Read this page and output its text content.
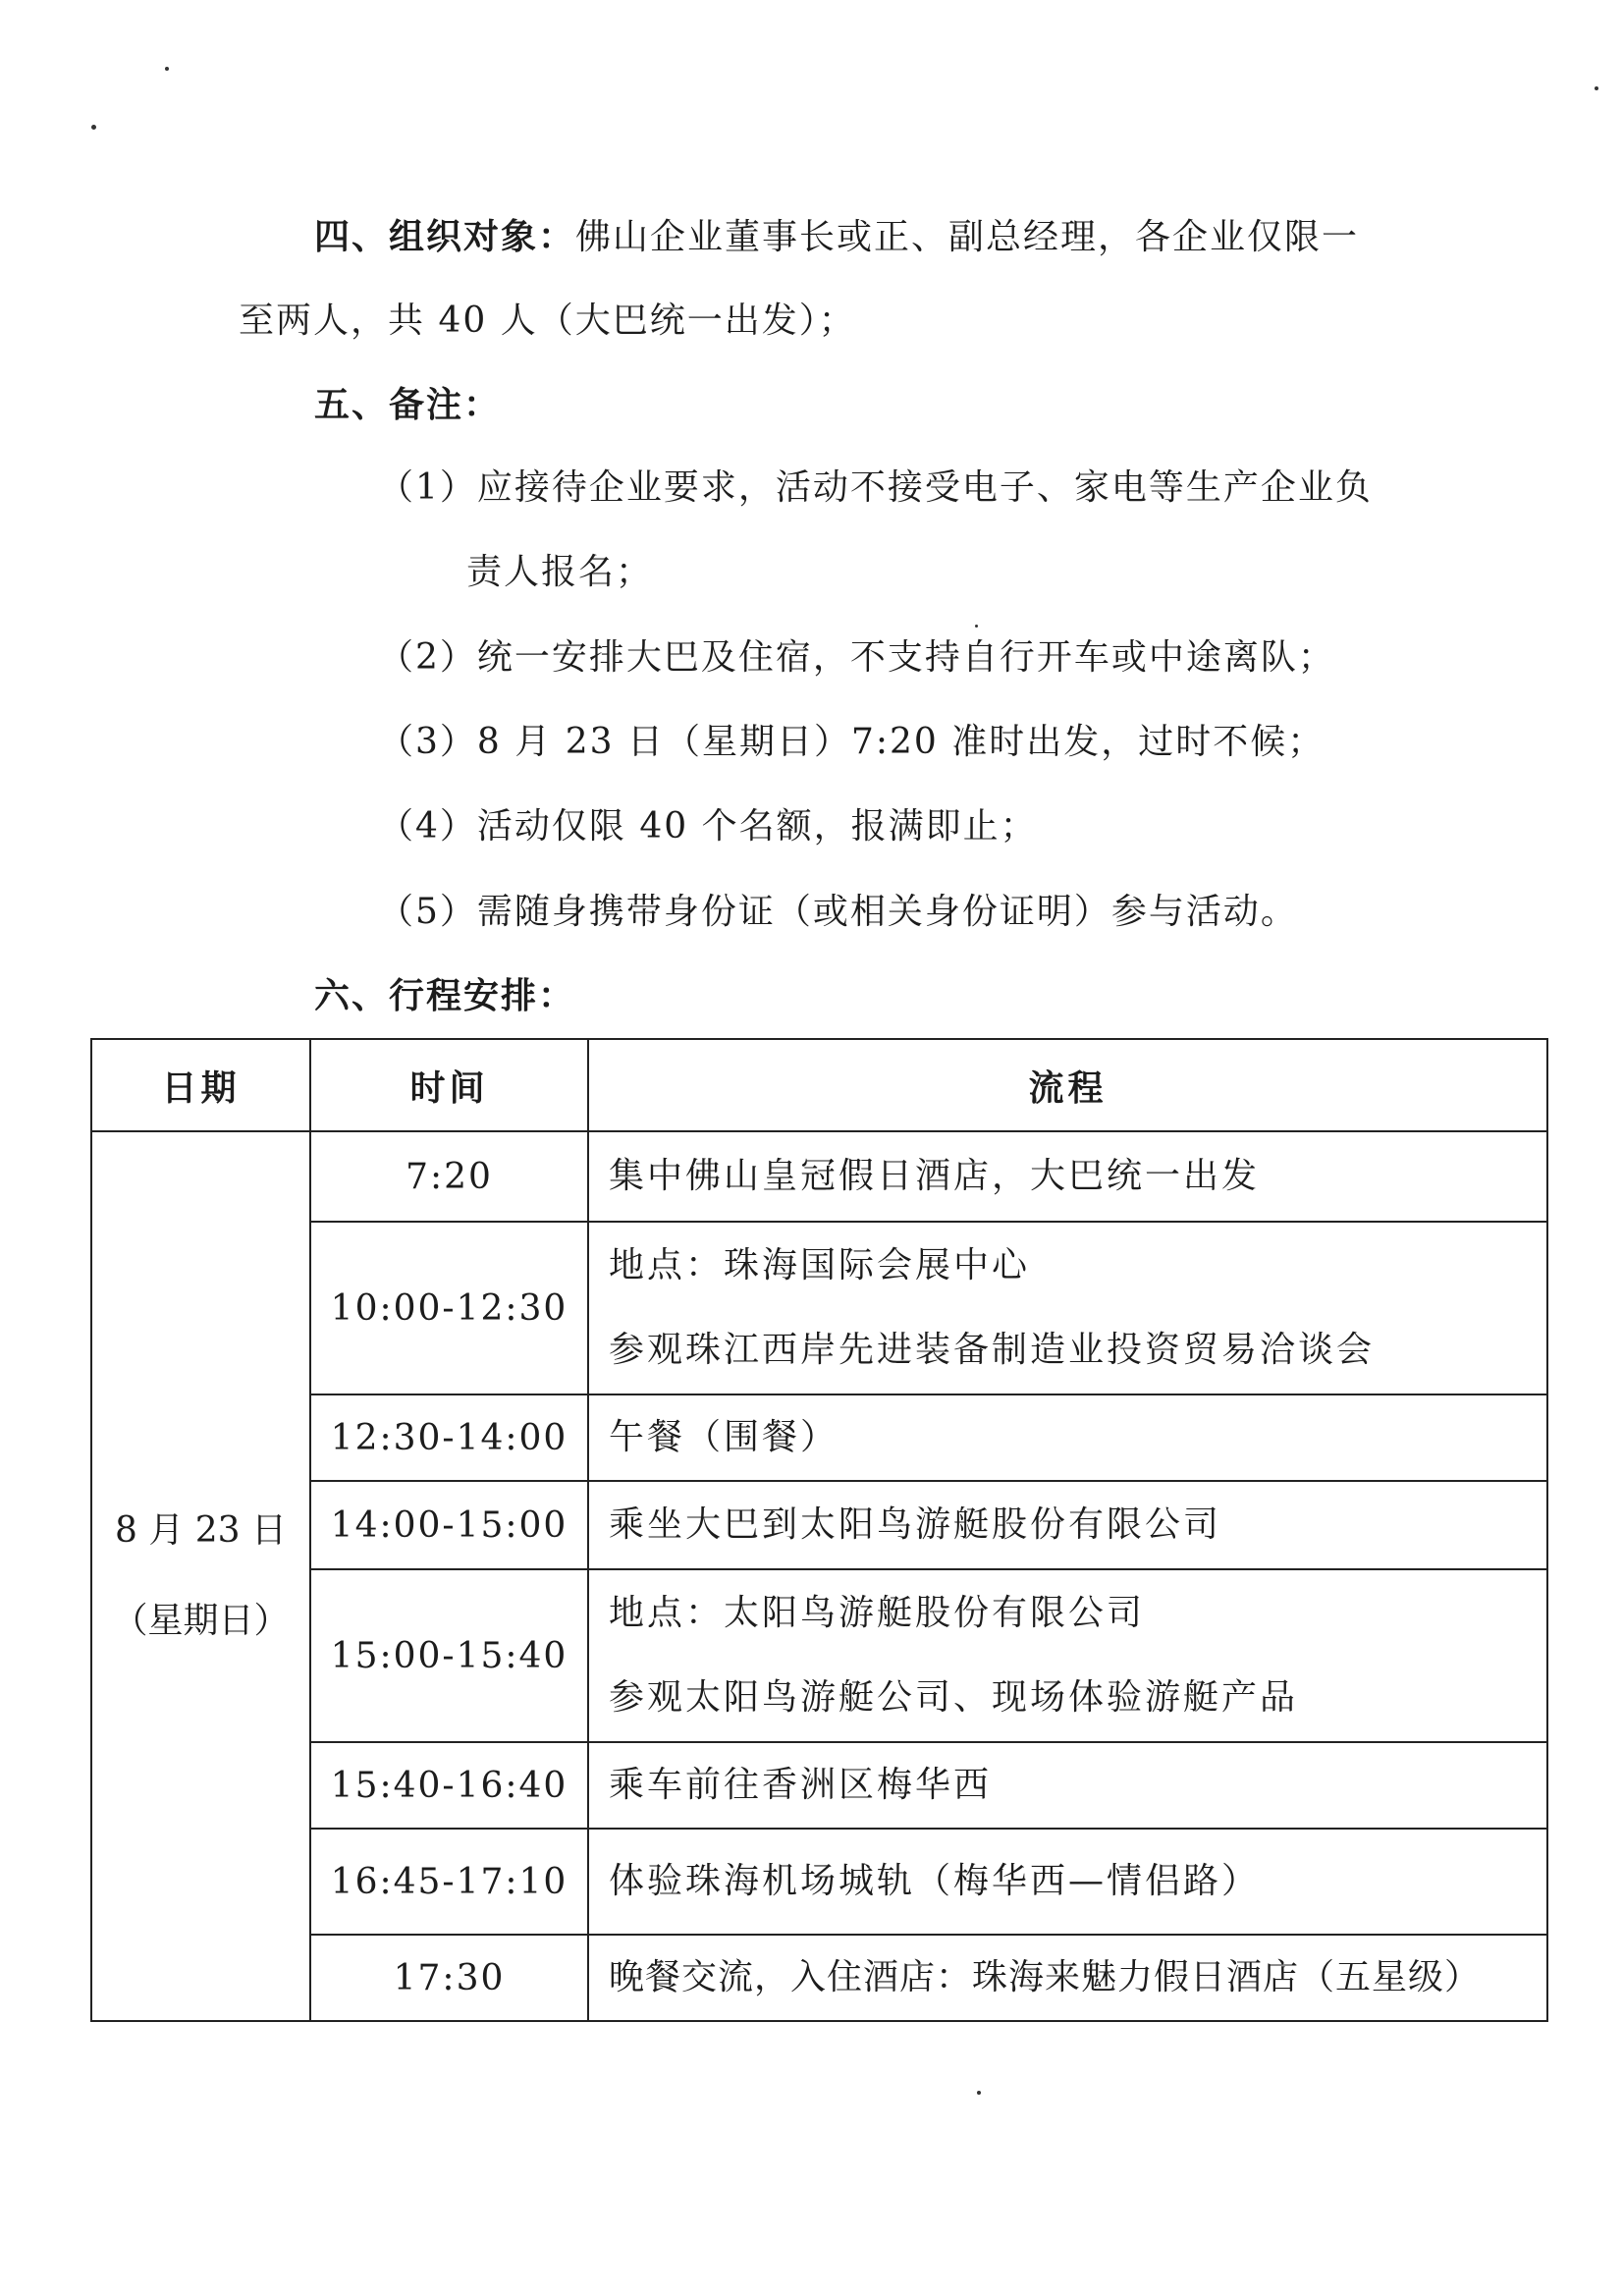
四、组织对象：佛山企业董事长或正、副总经理，各企业仅限一
至两人，共 40 人（大巴统一出发）；
五、备注：
（1）应接待企业要求，活动不接受电子、家电等生产企业负
责人报名；
（2）统一安排大巴及住宿，不支持自行开车或中途离队；
（3）8 月 23 日（星期日）7:20 准时出发，过时不候；
（4）活动仅限 40 个名额，报满即止；
（5）需随身携带身份证（或相关身份证明）参与活动。
六、行程安排：
日期	时间	流程

8 月 23 日
（星期日）	7:20	集中佛山皇冠假日酒店，大巴统一出发

	10:00-12:30	地点：珠海国际会展中心
参观珠江西岸先进装备制造业投资贸易洽谈会

	12:30-14:00	午餐（围餐）

	14:00-15:00	乘坐大巴到太阳鸟游艇股份有限公司

	15:00-15:40	地点：太阳鸟游艇股份有限公司
参观太阳鸟游艇公司、现场体验游艇产品

	15:40-16:40	乘车前往香洲区梅华西

	16:45-17:10	体验珠海机场城轨（梅华西—情侣路）

	17:30	晚餐交流，入住酒店：珠海来魅力假日酒店（五星级）
